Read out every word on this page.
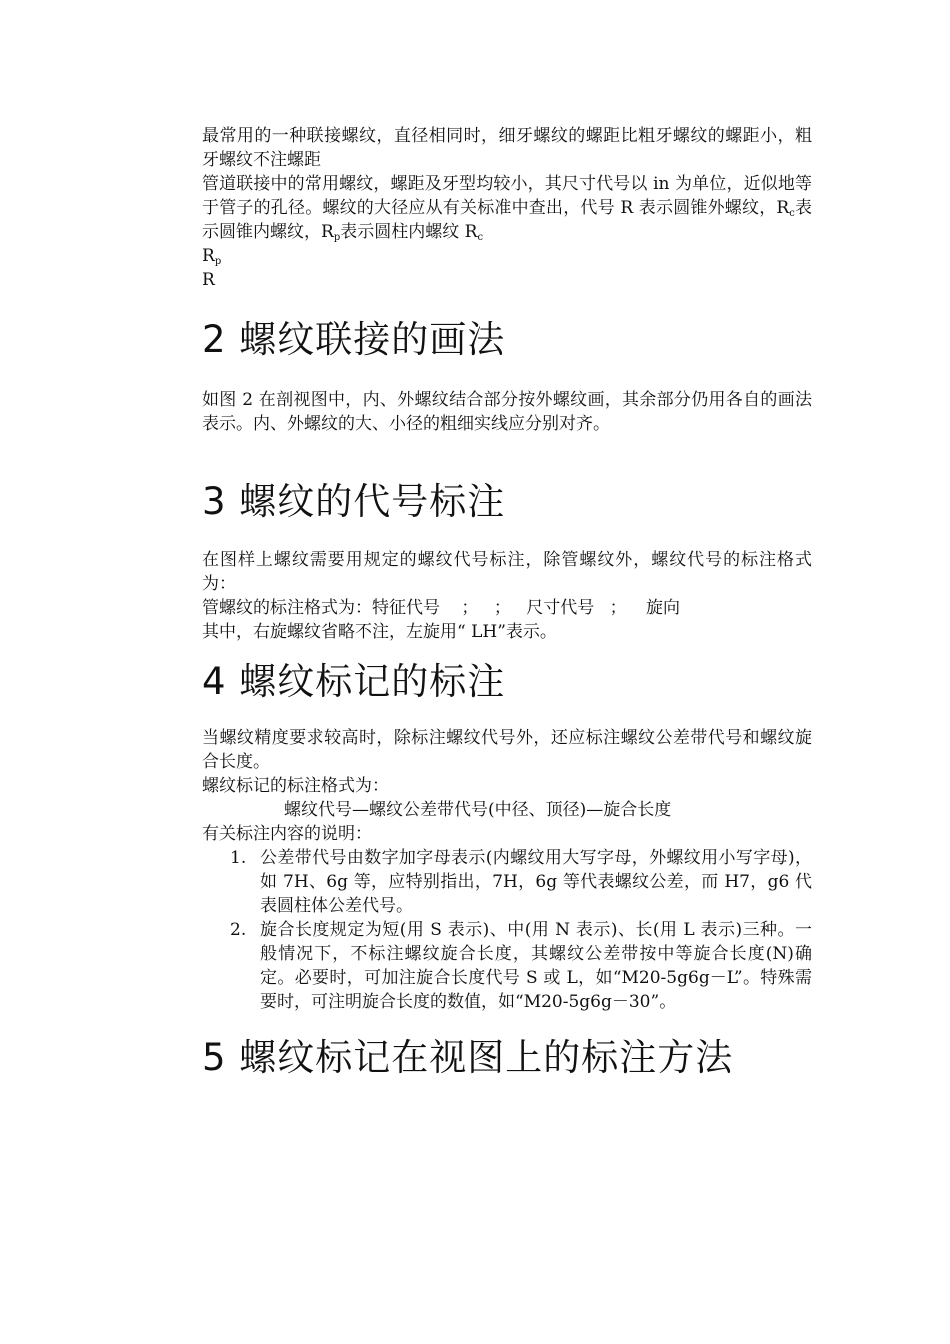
最常用的一种联接螺纹，直径相同时，细牙螺纹的螺距比粗牙螺纹的螺距小，粗牙螺纹不注螺距

管道联接中的常用螺纹，螺距及牙型均较小，其尺寸代号以 in 为单位，近似地等于管子的孔径。螺纹的大径应从有关标准中查出，代号 R 表示圆锥外螺纹，$R_c$表示圆锥内螺纹，$R_p$表示圆柱内螺纹 $R_c$

$R_p$

R

2 螺纹联接的画法

如图 2 在剖视图中，内、外螺纹结合部分按外螺纹画，其余部分仍用各自的画法表示。内、外螺纹的大、小径的粗细实线应分别对齐。

3 螺纹的代号标注

在图样上螺纹需要用规定的螺纹代号标注，除管螺纹外，螺纹代号的标注格式为：

管螺纹的标注格式为：特征代号 ； ； 尺寸代号 ； 旋向

其中，右旋螺纹省略不注，左旋用“ LH”表示。

4 螺纹标记的标注

当螺纹精度要求较高时，除标注螺纹代号外，还应标注螺纹公差带代号和螺纹旋合长度。

螺纹标记的标注格式为：

螺纹代号—螺纹公差带代号(中径、顶径)—旋合长度

有关标注内容的说明：

1. 公差带代号由数字加字母表示(内螺纹用大写字母，外螺纹用小写字母)，如 7H、6g 等，应特别指出，7H，6g 等代表螺纹公差，而 H7，g6 代表圆柱体公差代号。
2. 旋合长度规定为短(用 S 表示)、中(用 N 表示)、长(用 L 表示)三种。一般情况下，不标注螺纹旋合长度，其螺纹公差带按中等旋合长度(N)确定。必要时，可加注旋合长度代号 S 或 L，如“M20-5g6g－L”。特殊需要时，可注明旋合长度的数值，如“M20-5g6g－30”。
5 螺纹标记在视图上的标注方法
